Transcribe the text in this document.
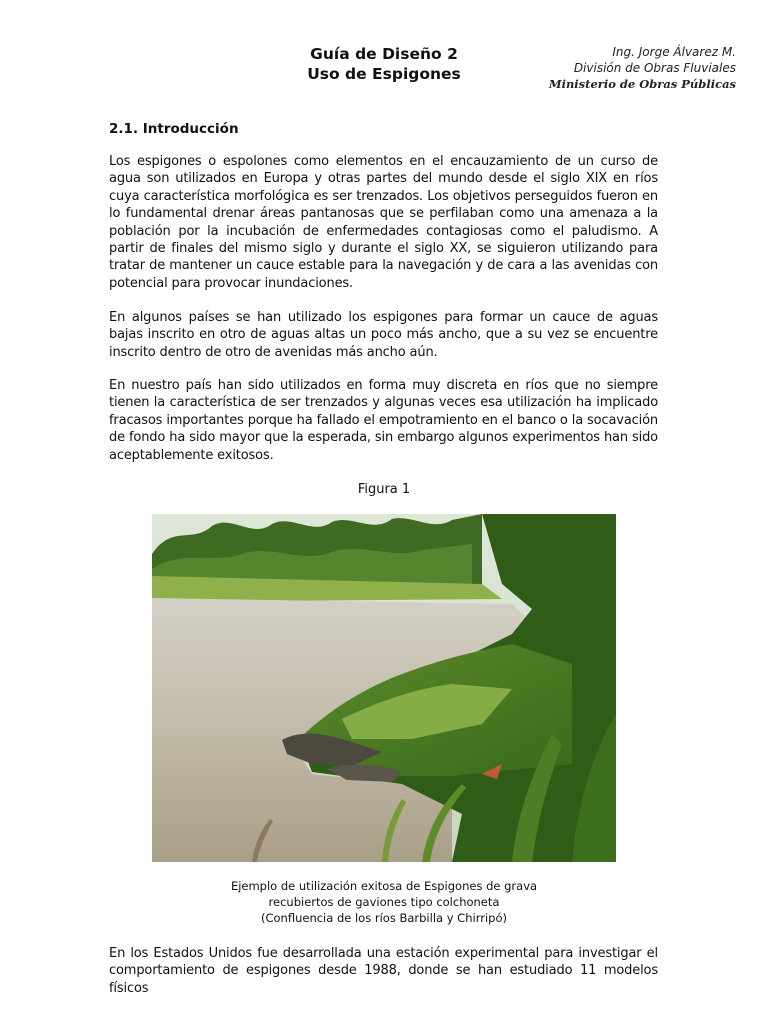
Guía de Diseño 2
Uso de Espigones
Ing. Jorge Álvarez M.
División de Obras Fluviales
Ministerio de Obras Públicas
2.1. Introducción

Los espigones o espolones como elementos en el encauzamiento de un curso de agua son utilizados en Europa y otras partes del mundo desde el siglo XIX en ríos cuya característica morfológica es ser trenzados. Los objetivos perseguidos fueron en lo fundamental drenar áreas pantanosas que se perfilaban como una amenaza a la población por la incubación de enfermedades contagiosas como el paludismo. A partir de finales del mismo siglo y durante el siglo XX, se siguieron utilizando para tratar de mantener un cauce estable para la navegación y de cara a las avenidas con potencial para provocar inundaciones.

En algunos países se han utilizado los espigones para formar un cauce de aguas bajas inscrito en otro de aguas altas un poco más ancho, que a su vez se encuentre inscrito dentro de otro de avenidas más ancho aún.

En nuestro país han sido utilizados en forma muy discreta en ríos que no siempre tienen la característica de ser trenzados y algunas veces esa utilización ha implicado fracasos importantes porque ha fallado el empotramiento en el banco o la socavación de fondo ha sido mayor que la esperada, sin embargo algunos experimentos han sido aceptablemente exitosos.

Figura 1
Ejemplo de utilización exitosa de Espigones de grava
recubiertos de gaviones tipo colchoneta
(Confluencia de los ríos Barbilla y Chirripó)

En los Estados Unidos fue desarrollada una estación experimental para investigar el comportamiento de espigones desde 1988, donde se han estudiado 11 modelos físicos
